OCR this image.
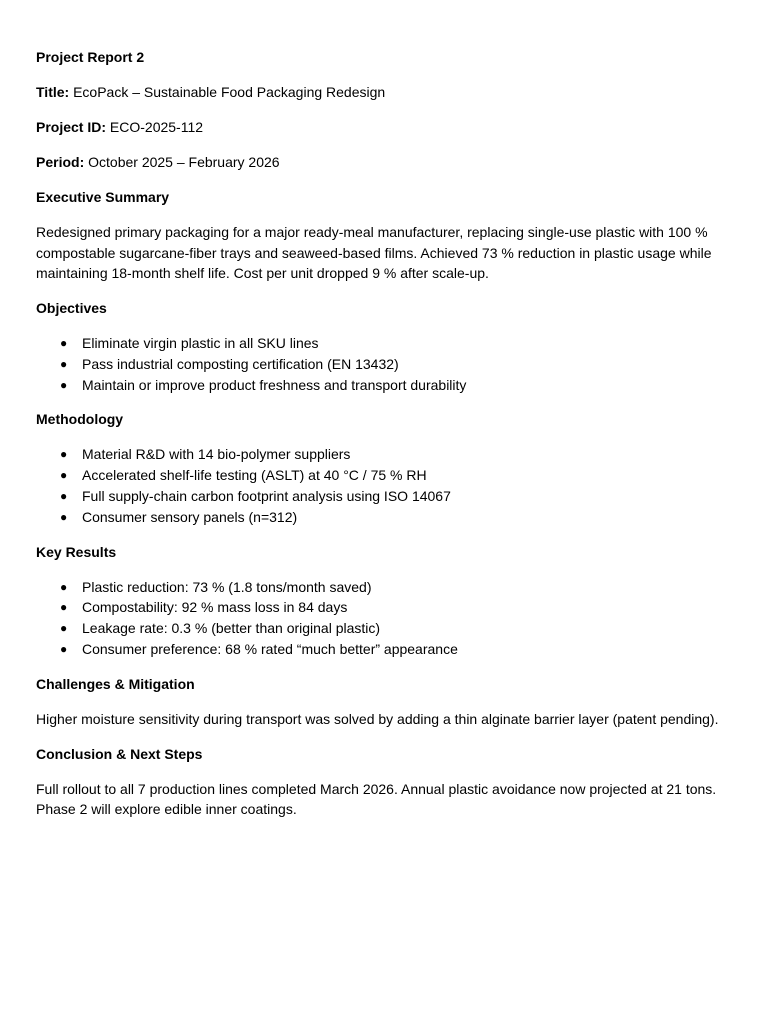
Project Report 2

Title: EcoPack – Sustainable Food Packaging Redesign

Project ID: ECO-2025-112

Period: October 2025 – February 2026

Executive Summary

Redesigned primary packaging for a major ready-meal manufacturer, replacing single-use plastic with 100 % compostable sugarcane-fiber trays and seaweed-based films. Achieved 73 % reduction in plastic usage while maintaining 18-month shelf life. Cost per unit dropped 9 % after scale-up.

Objectives

● Eliminate virgin plastic in all SKU lines
● Pass industrial composting certification (EN 13432)
● Maintain or improve product freshness and transport durability

Methodology

● Material R&D with 14 bio-polymer suppliers
● Accelerated shelf-life testing (ASLT) at 40 °C / 75 % RH
● Full supply-chain carbon footprint analysis using ISO 14067
● Consumer sensory panels (n=312)

Key Results

● Plastic reduction: 73 % (1.8 tons/month saved)
● Compostability: 92 % mass loss in 84 days
● Leakage rate: 0.3 % (better than original plastic)
● Consumer preference: 68 % rated “much better” appearance

Challenges & Mitigation

Higher moisture sensitivity during transport was solved by adding a thin alginate barrier layer (patent pending).

Conclusion & Next Steps

Full rollout to all 7 production lines completed March 2026. Annual plastic avoidance now projected at 21 tons. Phase 2 will explore edible inner coatings.
